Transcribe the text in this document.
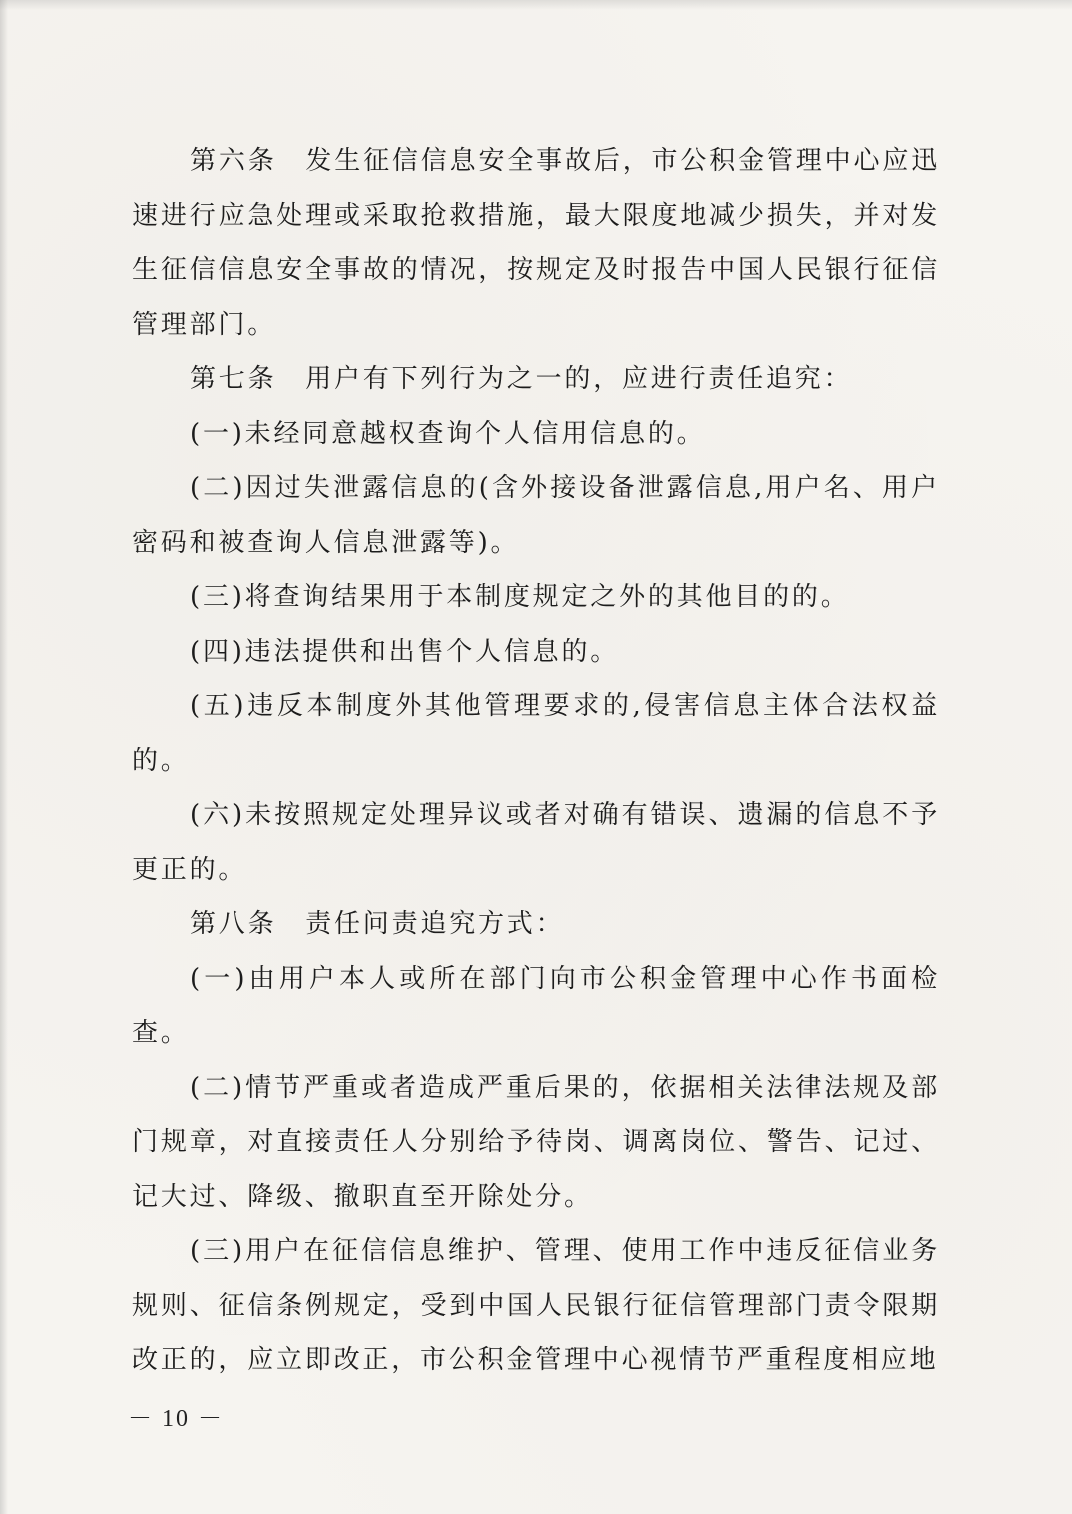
第六条　发生征信信息安全事故后，市公积金管理中心应迅速进行应急处理或采取抢救措施，最大限度地减少损失，并对发生征信信息安全事故的情况，按规定及时报告中国人民银行征信管理部门。

第七条　用户有下列行为之一的，应进行责任追究：

(一)未经同意越权查询个人信用信息的。

(二)因过失泄露信息的(含外接设备泄露信息,用户名、用户密码和被查询人信息泄露等)。

(三)将查询结果用于本制度规定之外的其他目的的。

(四)违法提供和出售个人信息的。

(五)违反本制度外其他管理要求的,侵害信息主体合法权益的。

(六)未按照规定处理异议或者对确有错误、遗漏的信息不予更正的。

第八条　责任问责追究方式：

(一)由用户本人或所在部门向市公积金管理中心作书面检查。

(二)情节严重或者造成严重后果的，依据相关法律法规及部门规章，对直接责任人分别给予待岗、调离岗位、警告、记过、记大过、降级、撤职直至开除处分。

(三)用户在征信信息维护、管理、使用工作中违反征信业务规则、征信条例规定，受到中国人民银行征信管理部门责令限期改正的，应立即改正，市公积金管理中心视情节严重程度相应地

－ 10 －
